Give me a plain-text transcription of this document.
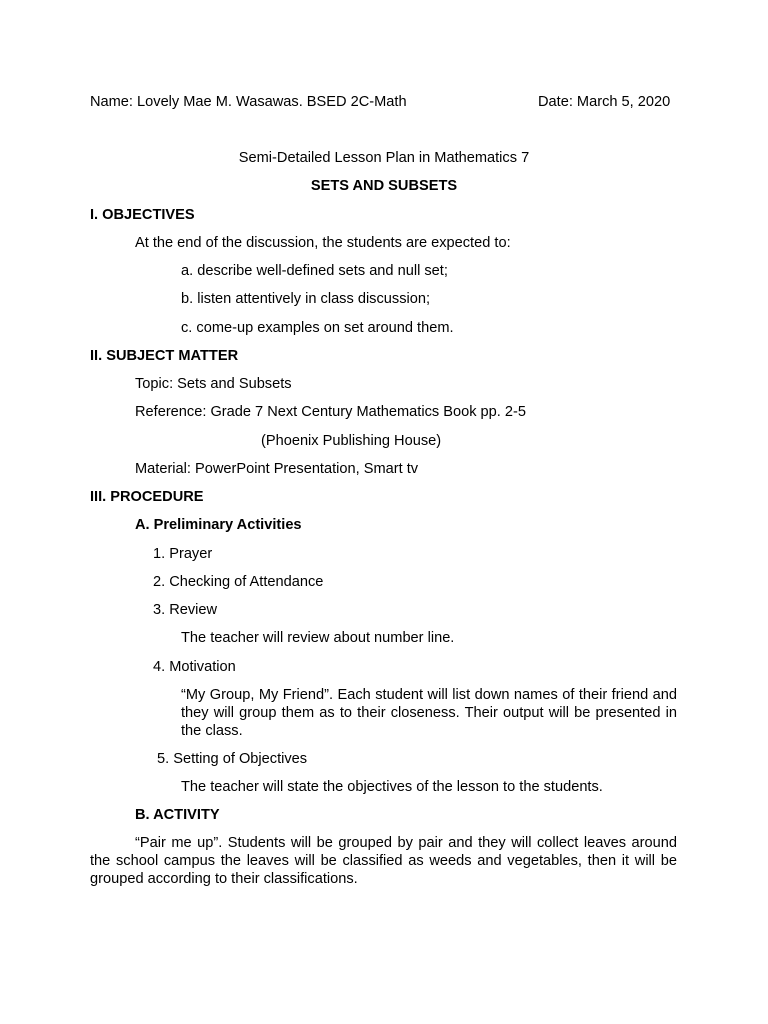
Name: Lovely Mae M. Wasawas. BSED 2C-Math	Date: March 5, 2020
Semi-Detailed Lesson Plan in Mathematics 7
SETS AND SUBSETS
I. OBJECTIVES
At the end of the discussion, the students are expected to:
a. describe well-defined sets and null set;
b. listen attentively in class discussion;
c. come-up examples on set around them.
II. SUBJECT MATTER
Topic: Sets and Subsets
Reference: Grade 7 Next Century Mathematics Book pp. 2-5
(Phoenix Publishing House)
Material: PowerPoint Presentation, Smart tv
III. PROCEDURE
A. Preliminary Activities
1. Prayer
2. Checking of Attendance
3. Review
The teacher will review about number line.
4. Motivation
“My Group, My Friend”. Each student will list down names of their friend and they will group them as to their closeness. Their output will be presented in the class.
5. Setting of Objectives
The teacher will state the objectives of the lesson to the students.
B. ACTIVITY
“Pair me up”. Students will be grouped by pair and they will collect leaves around the school campus the leaves will be classified as weeds and vegetables, then it will be grouped according to their classifications.
